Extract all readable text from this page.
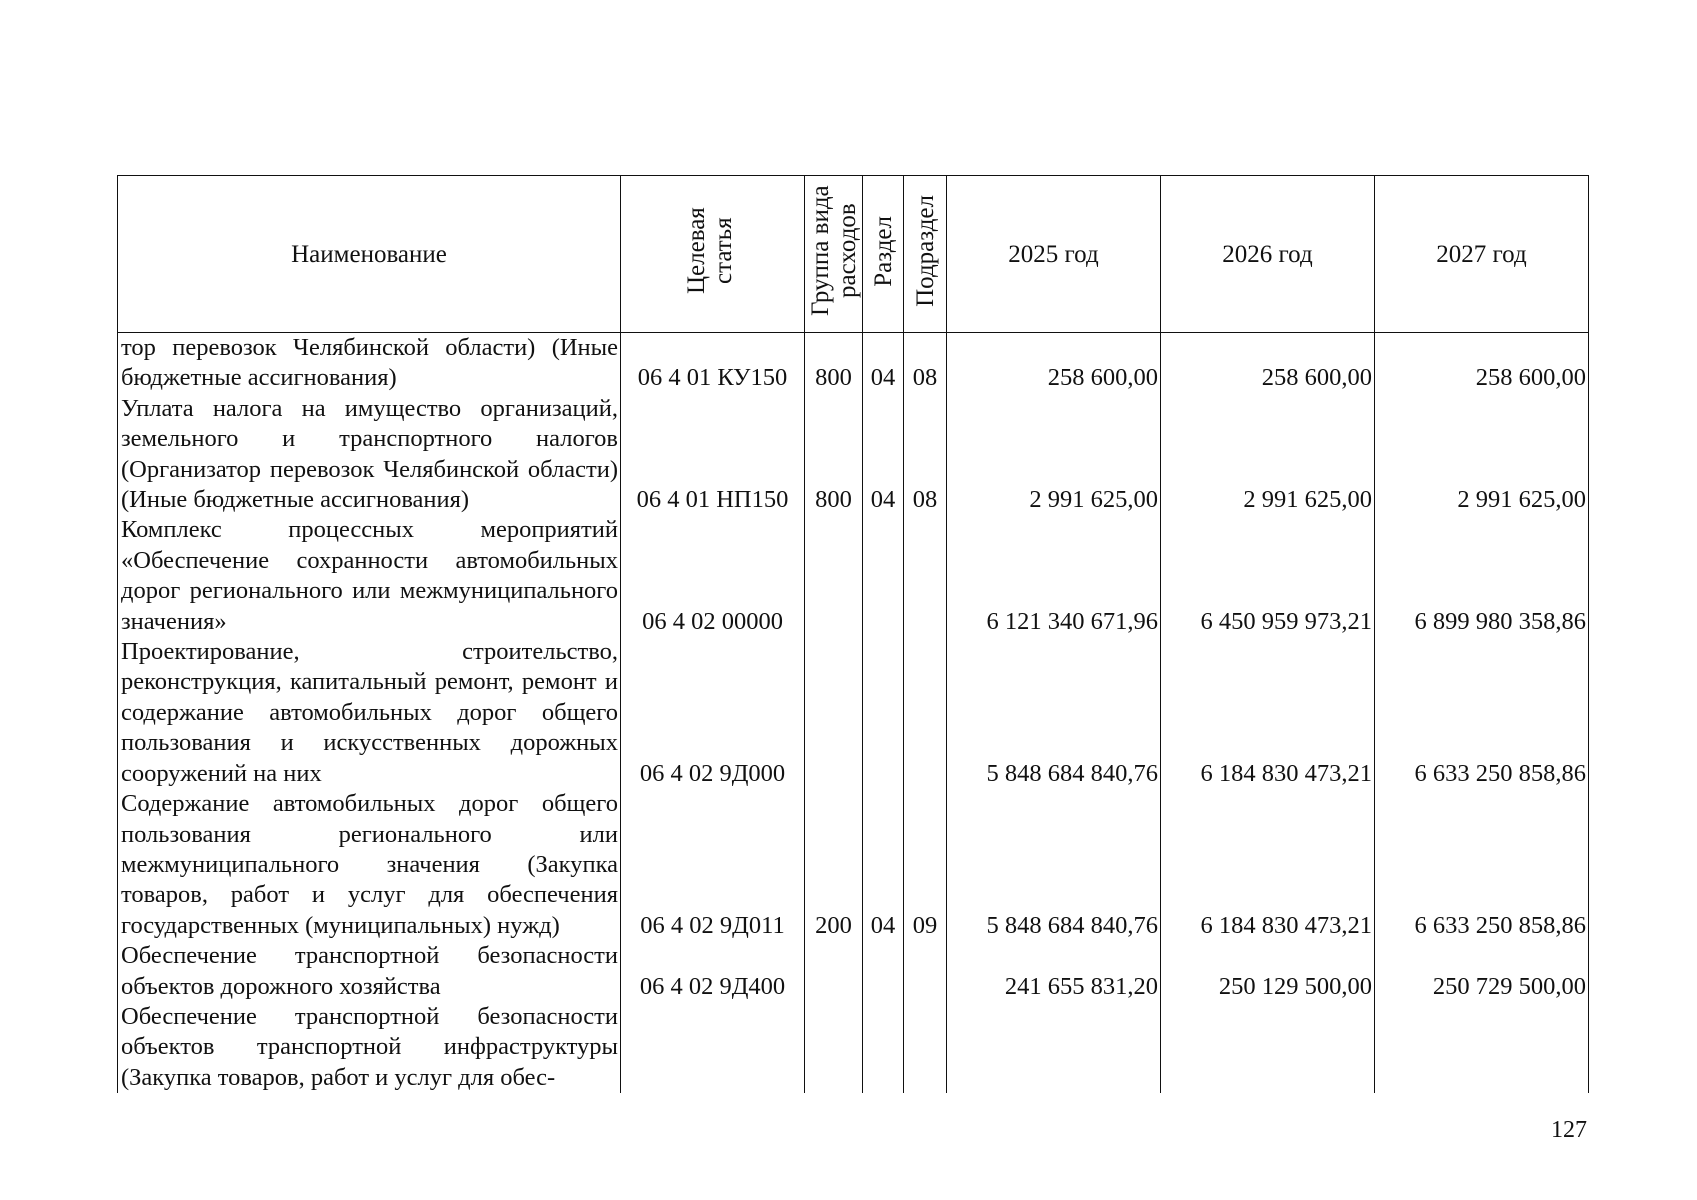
Наименование	Целевая статья	Группа вида расходов	Раздел	Подраздел	2025 год	2026 год	2027 год
тор перевозок Челябинской области) (Иные бюджетные ассигнования)	06 4 01 КУ150	800	04	08	258 600,00	258 600,00	258 600,00
Уплата налога на имущество организаций, земельного и транспортного налогов (Организатор перевозок Челябинской области) (Иные бюджетные ассигнования)	06 4 01 НП150	800	04	08	2 991 625,00	2 991 625,00	2 991 625,00
Комплекс процессных мероприятий «Обеспечение сохранности автомобильных дорог регионального или межмуниципального значения»	06 4 02 00000				6 121 340 671,96	6 450 959 973,21	6 899 980 358,86
Проектирование, строительство, реконструкция, капитальный ремонт, ремонт и содержание автомобильных дорог общего пользования и искусственных дорожных сооружений на них	06 4 02 9Д000				5 848 684 840,76	6 184 830 473,21	6 633 250 858,86
Содержание автомобильных дорог общего пользования регионального или межмуниципального значения (Закупка товаров, работ и услуг для обеспечения государственных (муниципальных) нужд)	06 4 02 9Д011	200	04	09	5 848 684 840,76	6 184 830 473,21	6 633 250 858,86
Обеспечение транспортной безопасности объектов дорожного хозяйства	06 4 02 9Д400				241 655 831,20	250 129 500,00	250 729 500,00
Обеспечение транспортной безопасности объектов транспортной инфраструктуры (Закупка товаров, работ и услуг для обес-							
127
